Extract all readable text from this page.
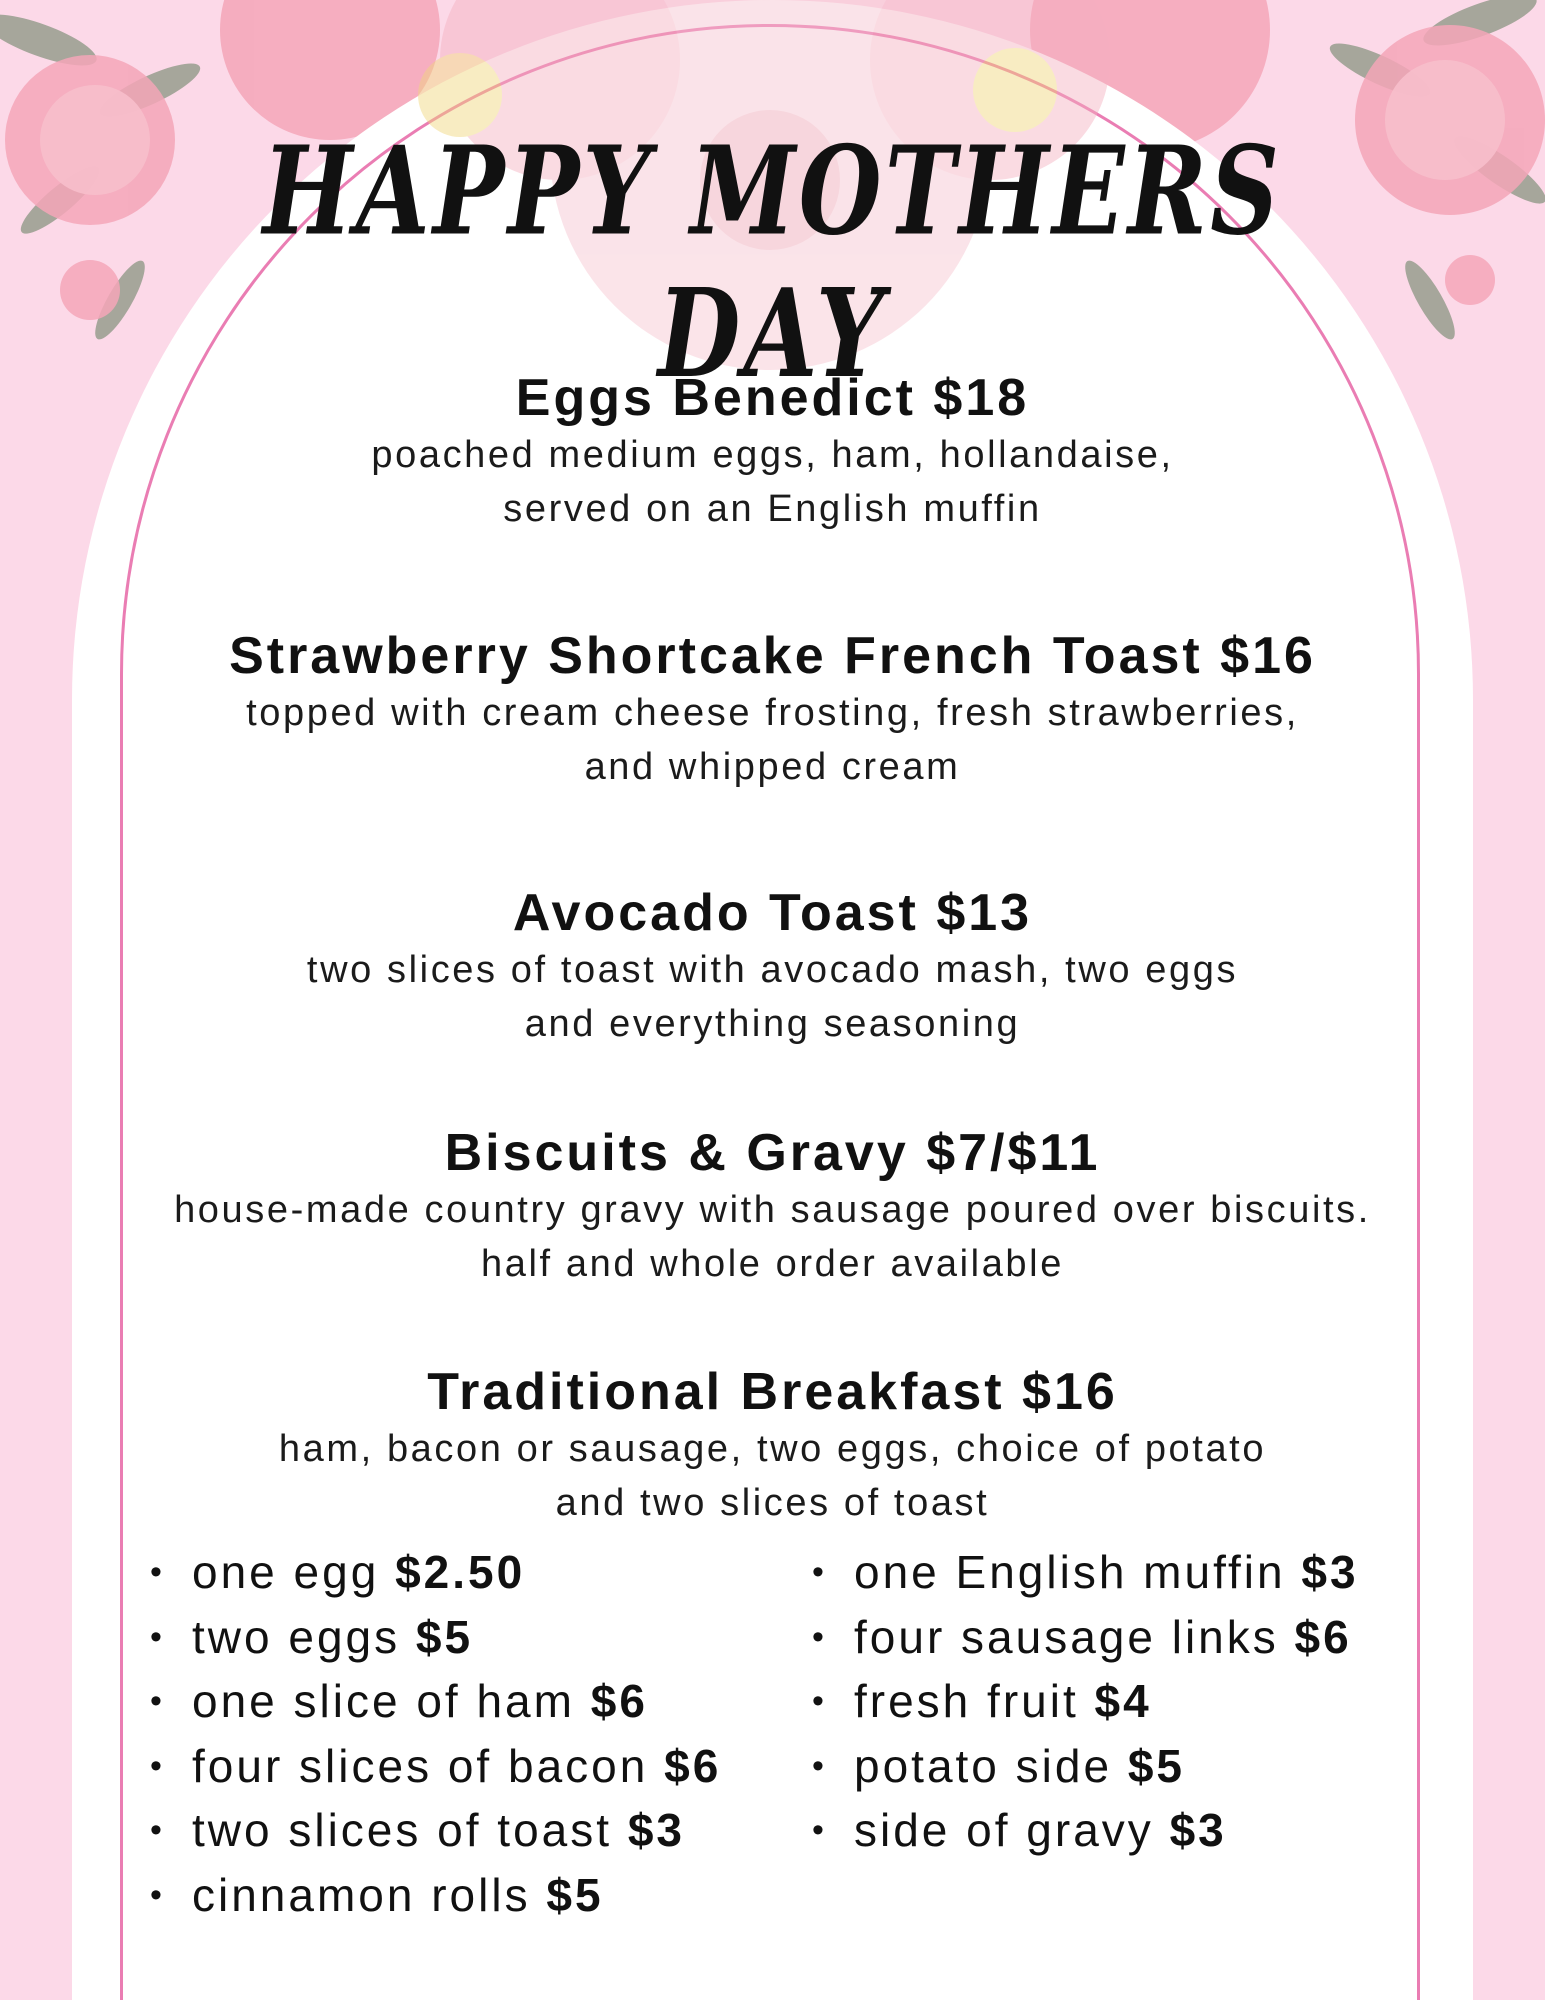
HAPPY MOTHERS DAY
Eggs Benedict $18
poached medium eggs, ham, hollandaise,
served on an English muffin
Strawberry Shortcake French Toast $16
topped with cream cheese frosting, fresh strawberries,
and whipped cream
Avocado Toast $13
two slices of toast with avocado mash, two eggs
and everything seasoning
Biscuits & Gravy $7/$11
house-made country gravy with sausage poured over biscuits.
half and whole order available
Traditional Breakfast $16
ham, bacon or sausage, two eggs, choice of potato
and two slices of toast
• one egg $2.50
• two eggs $5
• one slice of ham $6
• four slices of bacon $6
• two slices of toast $3
• cinnamon rolls $5
• one English muffin $3
• four sausage links $6
• fresh fruit $4
• potato side $5
• side of gravy $3
